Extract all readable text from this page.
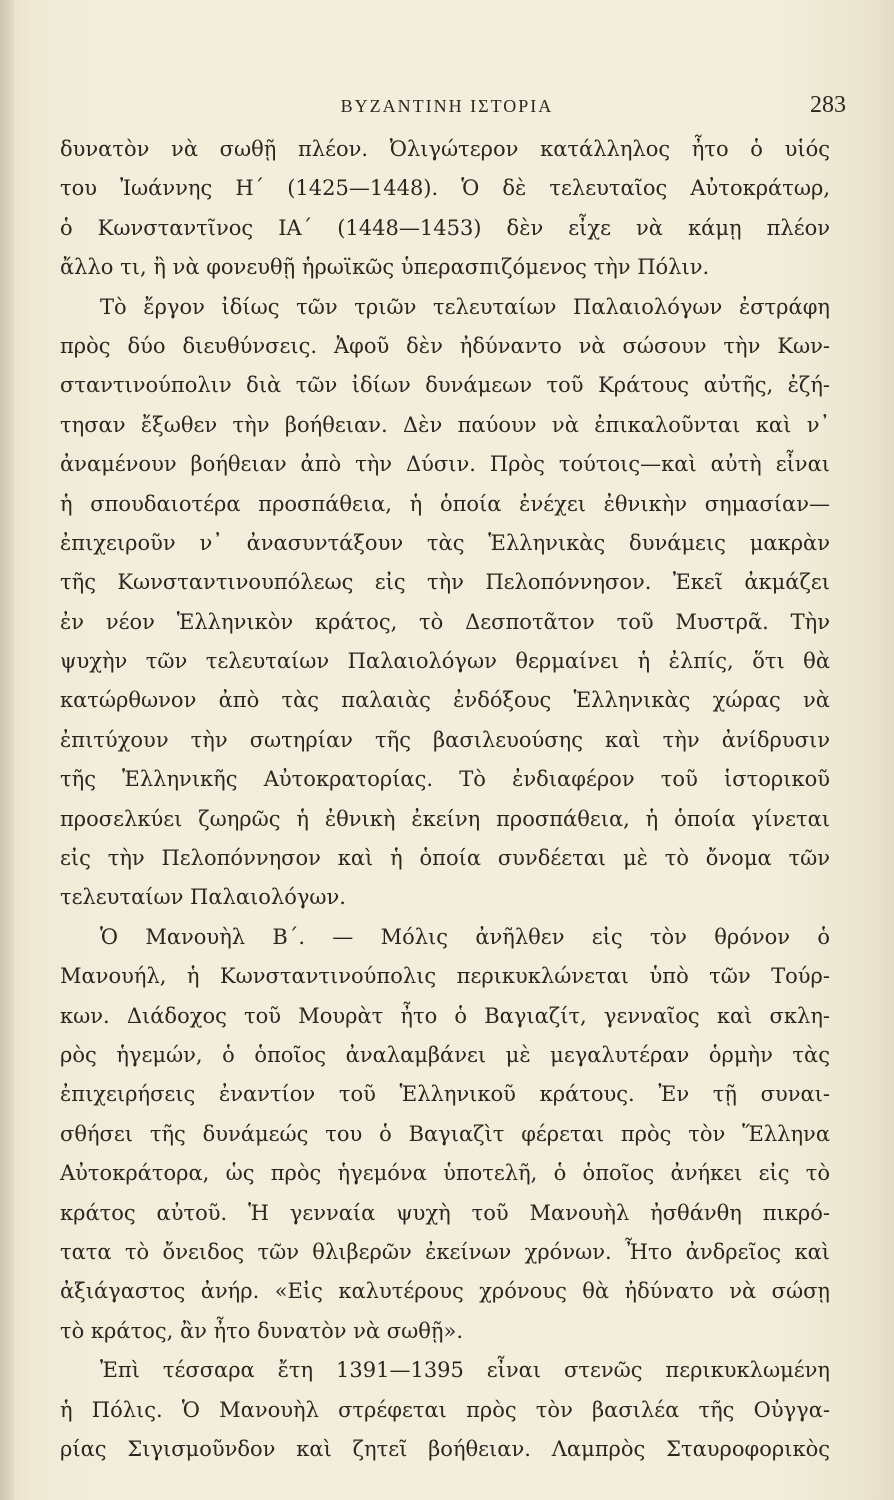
ΒΥΖΑΝΤΙΝΗ ΙΣΤΟΡΙΑ	283
δυνατὸν νὰ σωθῇ πλέον. Ὀλιγώτερον κατάλληλος ἦτο ὁ υἱός
του Ἰωάννης Η΄ (1425—1448). Ὁ δὲ τελευταῖος Αὐτοκράτωρ,
ὁ Κωνσταντῖνος ΙΑ΄ (1448—1453) δὲν εἶχε νὰ κάμῃ πλέον
ἄλλο τι, ἢ νὰ φονευθῇ ἡρωϊκῶς ὑπερασπιζόμενος τὴν Πόλιν.
Τὸ ἔργον ἰδίως τῶν τριῶν τελευταίων Παλαιολόγων ἐστράφη
πρὸς δύο διευθύνσεις. Ἀφοῦ δὲν ἠδύναντο νὰ σώσουν τὴν Κων-
σταντινούπολιν διὰ τῶν ἰδίων δυνάμεων τοῦ Κράτους αὐτῆς, ἐζή-
τησαν ἔξωθεν τὴν βοήθειαν. Δὲν παύουν νὰ ἐπικαλοῦνται καὶ ν᾽
ἀναμένουν βοήθειαν ἀπὸ τὴν Δύσιν. Πρὸς τούτοις—καὶ αὐτὴ εἶναι
ἡ σπουδαιοτέρα προσπάθεια, ἡ ὁποία ἐνέχει ἐθνικὴν σημασίαν—
ἐπιχειροῦν ν᾽ ἀνασυντάξουν τὰς Ἑλληνικὰς δυνάμεις μακρὰν
τῆς Κωνσταντινουπόλεως εἰς τὴν Πελοπόννησον. Ἐκεῖ ἀκμάζει
ἐν νέον Ἑλληνικὸν κράτος, τὸ Δεσποτᾶτον τοῦ Μυστρᾶ. Τὴν
ψυχὴν τῶν τελευταίων Παλαιολόγων θερμαίνει ἡ ἐλπίς, ὅτι θὰ
κατώρθωνον ἀπὸ τὰς παλαιὰς ἐνδόξους Ἑλληνικὰς χώρας νὰ
ἐπιτύχουν τὴν σωτηρίαν τῆς βασιλευούσης καὶ τὴν ἀνίδρυσιν
τῆς Ἑλληνικῆς Αὐτοκρατορίας. Τὸ ἐνδιαφέρον τοῦ ἱστορικοῦ
προσελκύει ζωηρῶς ἡ ἐθνικὴ ἐκείνη προσπάθεια, ἡ ὁποία γίνεται
εἰς τὴν Πελοπόννησον καὶ ἡ ὁποία συνδέεται μὲ τὸ ὄνομα τῶν
τελευταίων Παλαιολόγων.
Ὁ Μανουὴλ Β΄. — Μόλις ἀνῆλθεν εἰς τὸν θρόνον ὁ
Μανουήλ, ἡ Κωνσταντινούπολις περικυκλώνεται ὑπὸ τῶν Τούρ-
κων. Διάδοχος τοῦ Μουρὰτ ἦτο ὁ Βαγιαζίτ, γενναῖος καὶ σκλη-
ρὸς ἡγεμών, ὁ ὁποῖος ἀναλαμβάνει μὲ μεγαλυτέραν ὁρμὴν τὰς
ἐπιχειρήσεις ἐναντίον τοῦ Ἑλληνικοῦ κράτους. Ἐν τῇ συναι-
σθήσει τῆς δυνάμεώς του ὁ Βαγιαζὶτ φέρεται πρὸς τὸν Ἕλληνα
Αὐτοκράτορα, ὡς πρὸς ἡγεμόνα ὑποτελῆ, ὁ ὁποῖος ἀνήκει εἰς τὸ
κράτος αὐτοῦ. Ἡ γενναία ψυχὴ τοῦ Μανουὴλ ἠσθάνθη πικρό-
τατα τὸ ὄνειδος τῶν θλιβερῶν ἐκείνων χρόνων. Ἦτο ἀνδρεῖος καὶ
ἀξιάγαστος ἀνήρ. «Εἰς καλυτέρους χρόνους θὰ ἠδύνατο νὰ σώσῃ
τὸ κράτος, ἂν ἦτο δυνατὸν νὰ σωθῇ».
Ἐπὶ τέσσαρα ἔτη 1391—1395 εἶναι στενῶς περικυκλωμένη
ἡ Πόλις. Ὁ Μανουὴλ στρέφεται πρὸς τὸν βασιλέα τῆς Οὐγγα-
ρίας Σιγισμοῦνδον καὶ ζητεῖ βοήθειαν. Λαμπρὸς Σταυροφορικὸς
